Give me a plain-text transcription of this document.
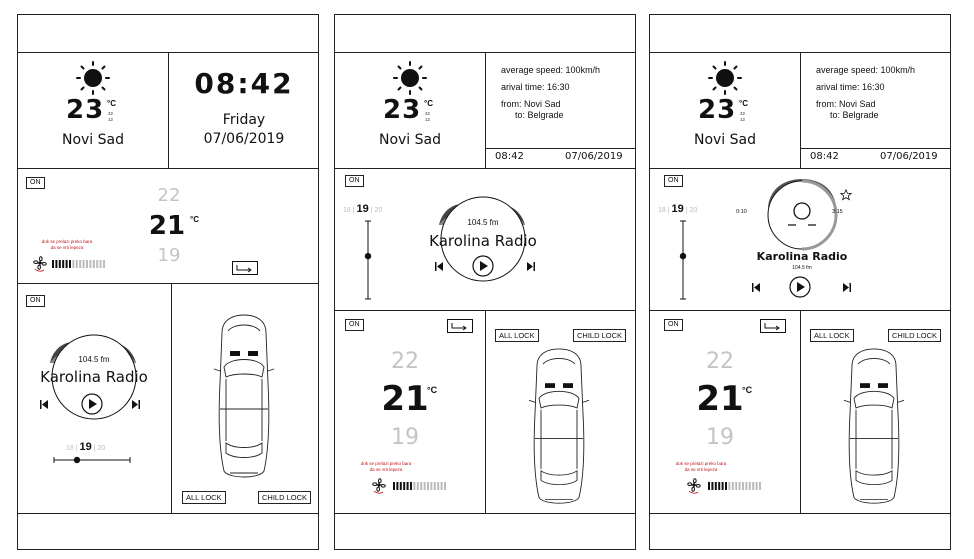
23 °C
32
12
Novi Sad
08:42
Friday
07/06/2019
ON
22
21 °C
19
dok se prelazi preko bara
da se vrti lepeza
ON
104.5 fm
Karolina Radio
18 | 19 | 20
ALL LOCK	CHILD LOCK
23 °C
32
12
Novi Sad
average speed: 100km/h
arival time: 16:30
from: Novi Sad
to: Belgrade
08:42	07/06/2019
ON
18 | 19 | 20
104.5 fm
Karolina Radio
ON
22
21
°C
19
dok se prelazi preko bara
da se vrti lepeza
ALL LOCK	CHILD LOCK
23 °C
32
12
Novi Sad
average speed: 100km/h
arival time: 16:30
from: Novi Sad
to: Belgrade
08:42	07/06/2019
ON
18 | 19 | 20	0:10	3:15
Karolina Radio
104.5 fm
ON
22
21
°C
19
dok se prelazi preko bara
da se vrti lepeza
ALL LOCK	CHILD LOCK
